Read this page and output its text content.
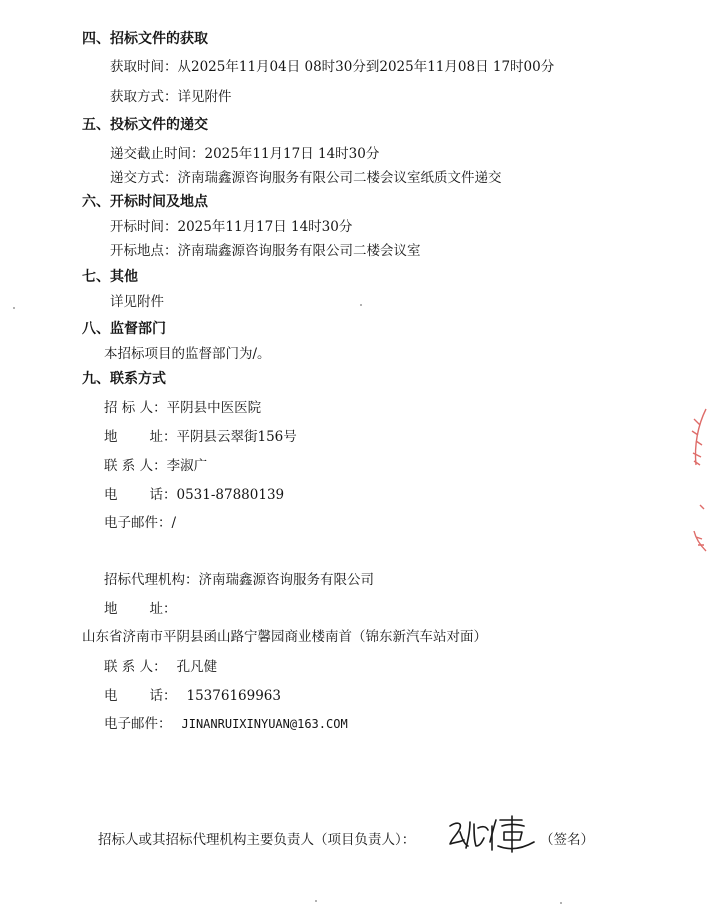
四、招标文件的获取
获取时间：从2025年11月04日 08时30分到2025年11月08日 17时00分
获取方式：详见附件
五、投标文件的递交
递交截止时间：2025年11月17日 14时30分
递交方式：济南瑞鑫源咨询服务有限公司二楼会议室纸质文件递交
六、开标时间及地点
开标时间：2025年11月17日 14时30分
开标地点：济南瑞鑫源咨询服务有限公司二楼会议室
七、其他
详见附件
八、监督部门
本招标项目的监督部门为/。
九、联系方式
招 标 人：平阴县中医医院
地 址：平阴县云翠街156号
联 系 人：李淑广
电 话：0531-87880139
电子邮件：/
招标代理机构：济南瑞鑫源咨询服务有限公司
地 址：
山东省济南市平阴县函山路宁馨园商业楼南首（锦东新汽车站对面）
联 系 人： 孔凡健
电 话： 15376169963
电子邮件： JINANRUIXINYUAN@163.COM
招标人或其招标代理机构主要负责人（项目负责人）：	（签名）
